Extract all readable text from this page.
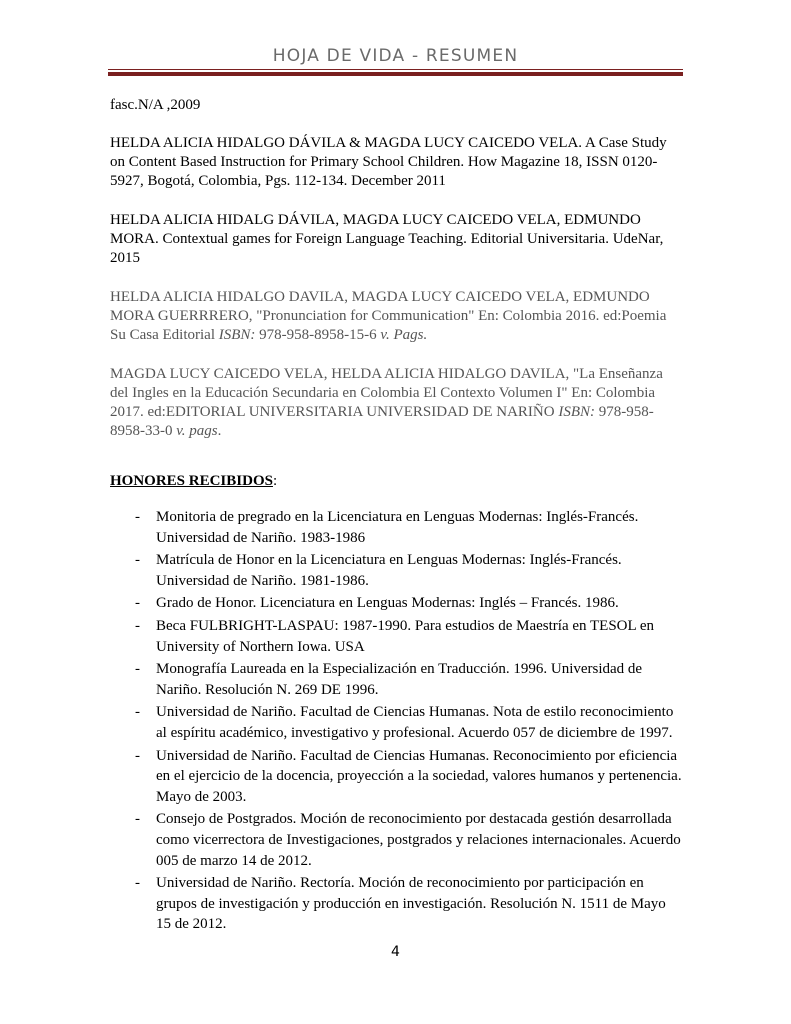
HOJA DE VIDA - RESUMEN

fasc.N/A ,2009

HELDA ALICIA HIDALGO DÁVILA & MAGDA LUCY CAICEDO VELA. A Case Study on Content Based Instruction for Primary School Children. How Magazine 18, ISSN 0120-5927, Bogotá, Colombia, Pgs. 112-134. December 2011

HELDA ALICIA HIDALG DÁVILA, MAGDA LUCY CAICEDO VELA, EDMUNDO MORA. Contextual games for Foreign Language Teaching. Editorial Universitaria. UdeNar, 2015

HELDA ALICIA HIDALGO DAVILA, MAGDA LUCY CAICEDO VELA, EDMUNDO MORA GUERRRERO, "Pronunciation for Communication" En: Colombia 2016. ed:Poemia Su Casa Editorial ISBN: 978-958-8958-15-6 v. Pags.

MAGDA LUCY CAICEDO VELA, HELDA ALICIA HIDALGO DAVILA, "La Enseñanza del Ingles en la Educación Secundaria en Colombia El Contexto Volumen I" En: Colombia 2017. ed:EDITORIAL UNIVERSITARIA UNIVERSIDAD DE NARIÑO ISBN: 978-958-8958-33-0 v. pags.

HONORES RECIBIDOS:
- Monitoria de pregrado en la Licenciatura en Lenguas Modernas: Inglés-Francés. Universidad de Nariño. 1983-1986
- Matrícula de Honor en la Licenciatura en Lenguas Modernas: Inglés-Francés. Universidad de Nariño. 1981-1986.
- Grado de Honor. Licenciatura en Lenguas Modernas: Inglés – Francés. 1986.
- Beca FULBRIGHT-LASPAU: 1987-1990. Para estudios de Maestría en TESOL en University of Northern Iowa. USA
- Monografía Laureada en la Especialización en Traducción. 1996. Universidad de Nariño. Resolución N. 269 DE 1996.
- Universidad de Nariño. Facultad de Ciencias Humanas. Nota de estilo reconocimiento al espíritu académico, investigativo y profesional. Acuerdo 057 de diciembre de 1997.
- Universidad de Nariño. Facultad de Ciencias Humanas. Reconocimiento por eficiencia en el ejercicio de la docencia, proyección a la sociedad, valores humanos y pertenencia. Mayo de 2003.
- Consejo de Postgrados. Moción de reconocimiento por destacada gestión desarrollada como vicerrectora de Investigaciones, postgrados y relaciones internacionales. Acuerdo 005 de marzo 14 de 2012.
- Universidad de Nariño. Rectoría. Moción de reconocimiento por participación en grupos de investigación y producción en investigación. Resolución N. 1511 de Mayo 15 de 2012.
4
